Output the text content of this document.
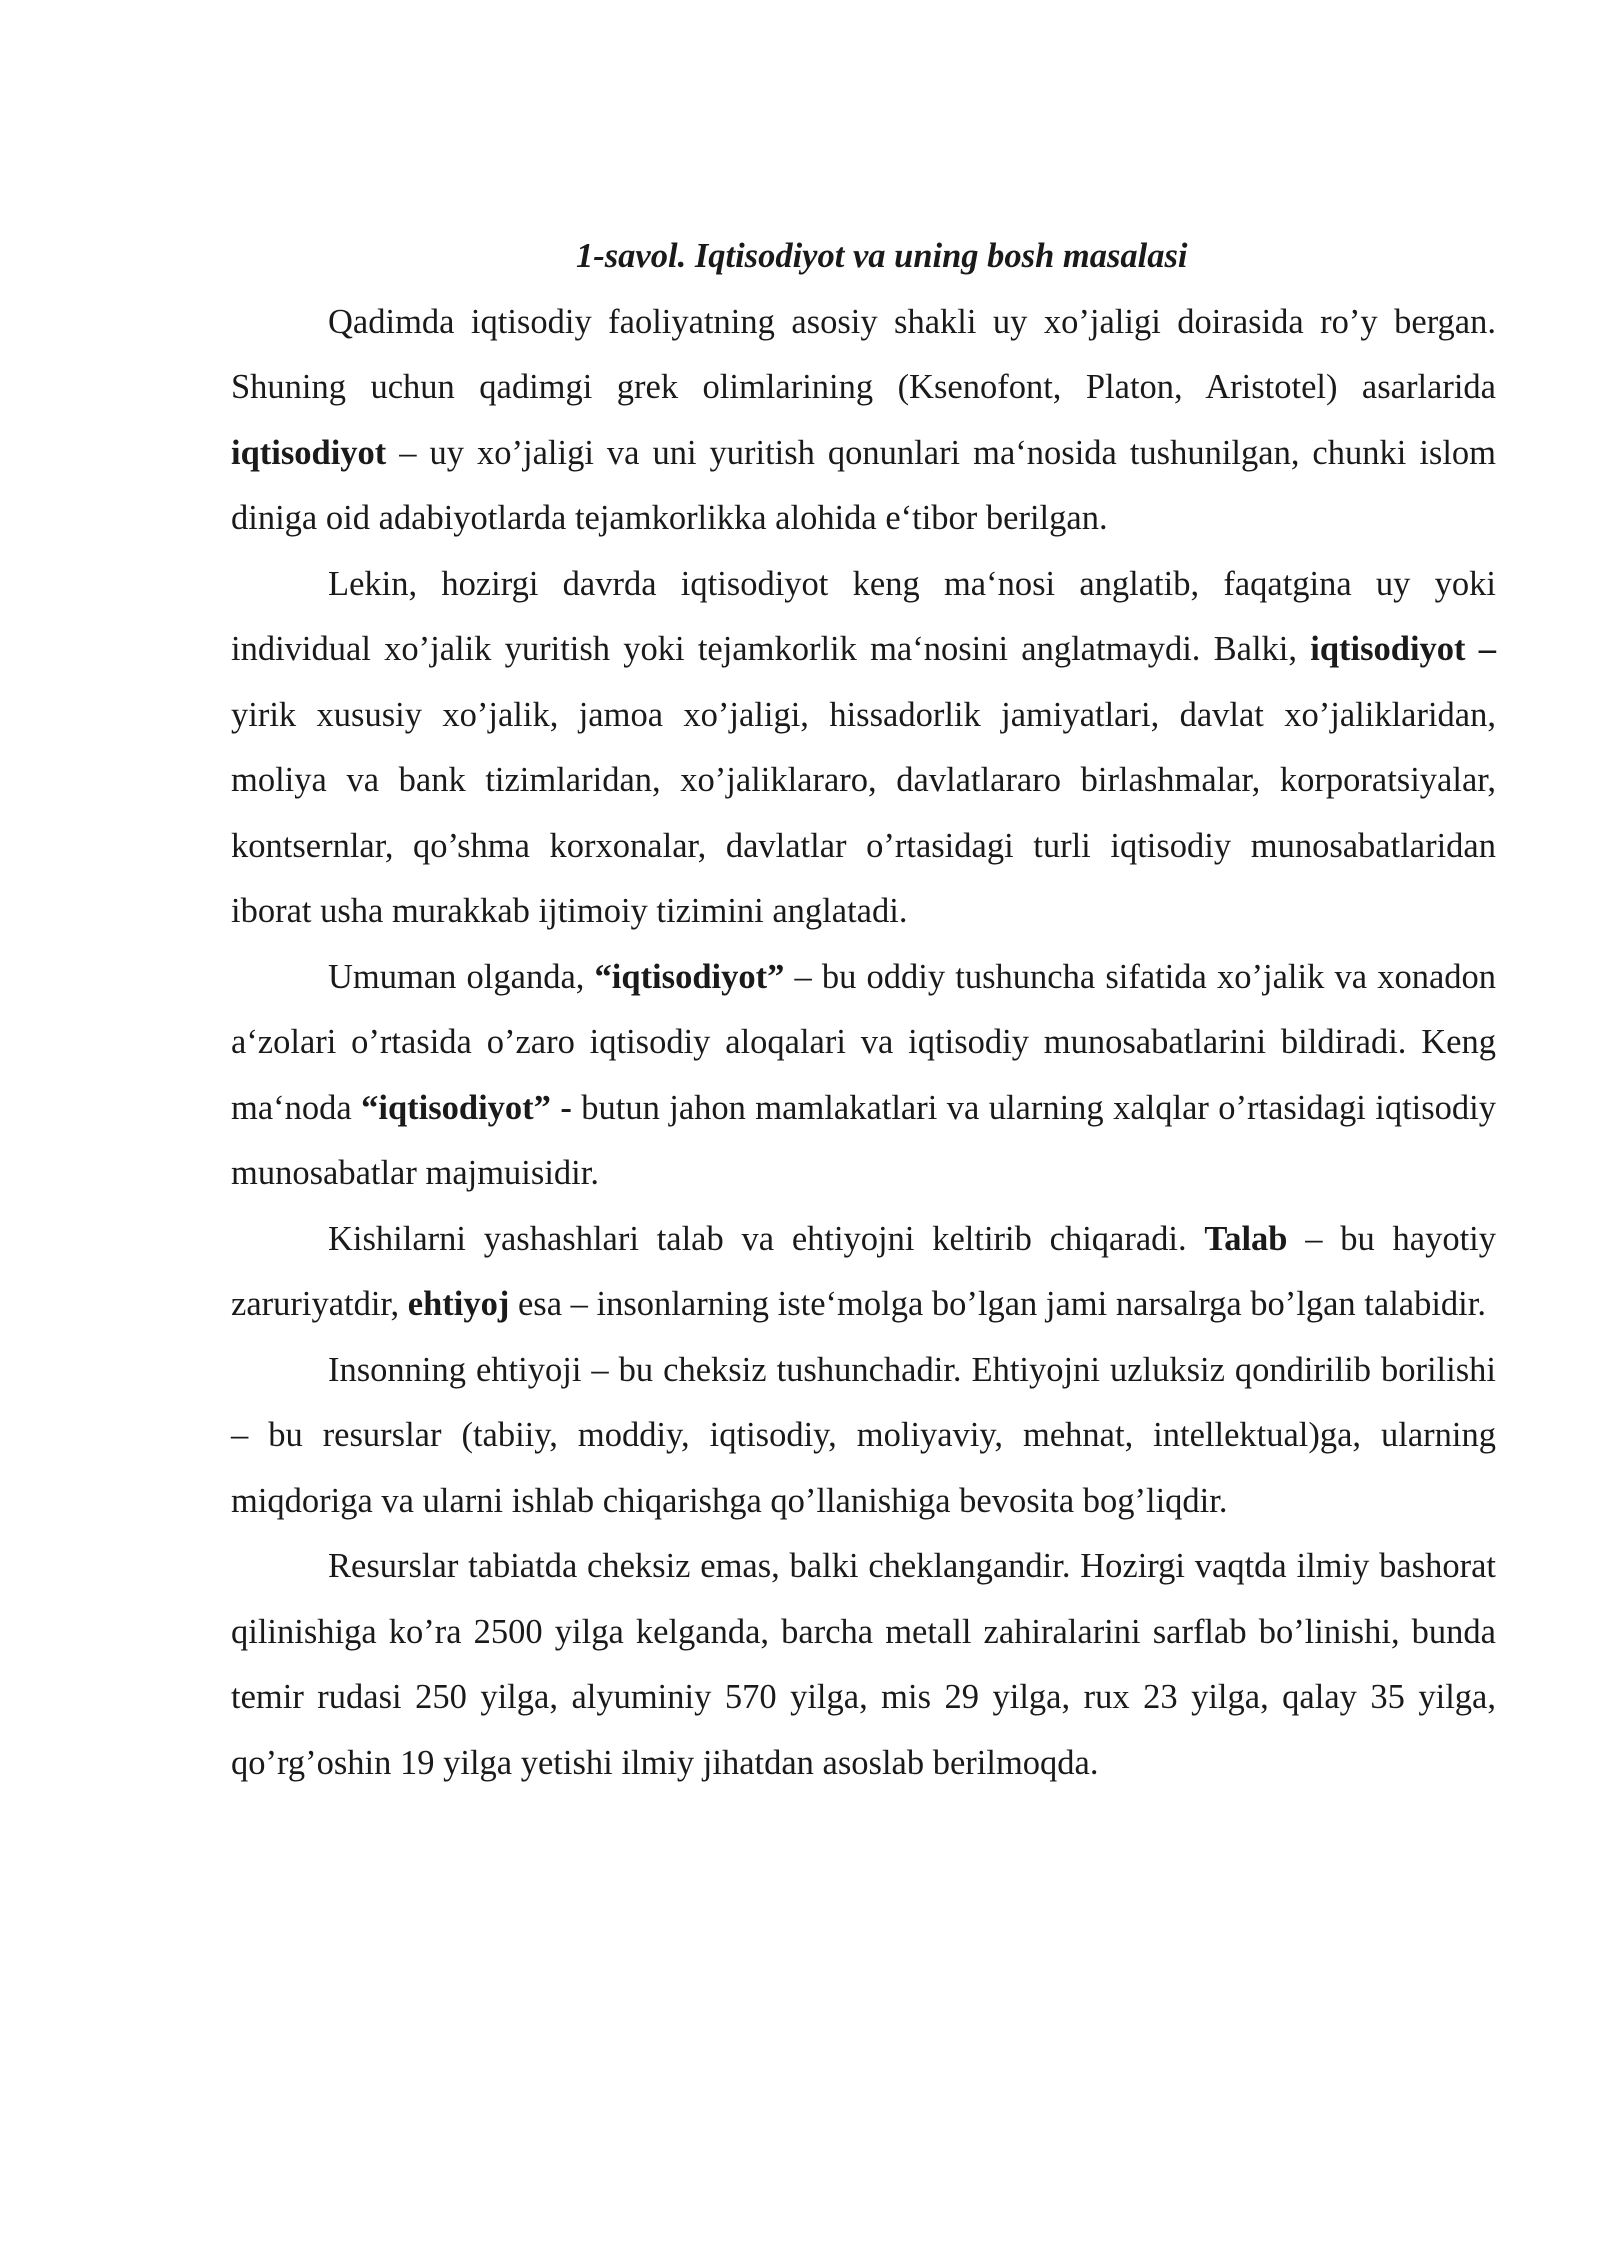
1-savol. Iqtisodiyot va uning bosh masalasi

Qadimda iqtisodiy faoliyatning asosiy shakli uy xo’jaligi doirasida ro’y bergan. Shuning uchun qadimgi grek olimlarining (Ksenofont, Platon, Aristotel) asarlarida iqtisodiyot – uy xo’jaligi va uni yuritish qonunlari ma‘nosida tushunilgan, chunki islom diniga oid adabiyotlarda tejamkorlikka alohida e‘tibor berilgan.

Lekin, hozirgi davrda iqtisodiyot keng ma‘nosi anglatib, faqatgina uy yoki individual xo’jalik yuritish yoki tejamkorlik ma‘nosini anglatmaydi. Balki, iqtisodiyot – yirik xususiy xo’jalik, jamoa xo’jaligi, hissadorlik jamiyatlari, davlat xo’jaliklaridan, moliya va bank tizimlaridan, xo’jaliklararo, davlatlararo birlashmalar, korporatsiyalar, kontsernlar, qo’shma korxonalar, davlatlar o’rtasidagi turli iqtisodiy munosabatlaridan iborat usha murakkab ijtimoiy tizimini anglatadi.

Umuman olganda, “iqtisodiyot” – bu oddiy tushuncha sifatida xo’jalik va xonadon a‘zolari o’rtasida o’zaro iqtisodiy aloqalari va iqtisodiy munosabatlarini bildiradi. Keng ma‘noda “iqtisodiyot” - butun jahon mamlakatlari va ularning xalqlar o’rtasidagi iqtisodiy munosabatlar majmuisidir.

Kishilarni yashashlari talab va ehtiyojni keltirib chiqaradi. Talab – bu hayotiy zaruriyatdir, ehtiyoj esa – insonlarning iste‘molga bo’lgan jami narsalrga bo’lgan talabidir.

Insonning ehtiyoji – bu cheksiz tushunchadir. Ehtiyojni uzluksiz qondirilib borilishi – bu resurslar (tabiiy, moddiy, iqtisodiy, moliyaviy, mehnat, intellektual)ga, ularning miqdoriga va ularni ishlab chiqarishga qo’llanishiga bevosita bog’liqdir.

Resurslar tabiatda cheksiz emas, balki cheklangandir. Hozirgi vaqtda ilmiy bashorat qilinishiga ko’ra 2500 yilga kelganda, barcha metall zahiralarini sarflab bo’linishi, bunda temir rudasi 250 yilga, alyuminiy 570 yilga, mis 29 yilga, rux 23 yilga, qalay 35 yilga, qo’rg’oshin 19 yilga yetishi ilmiy jihatdan asoslab berilmoqda.
